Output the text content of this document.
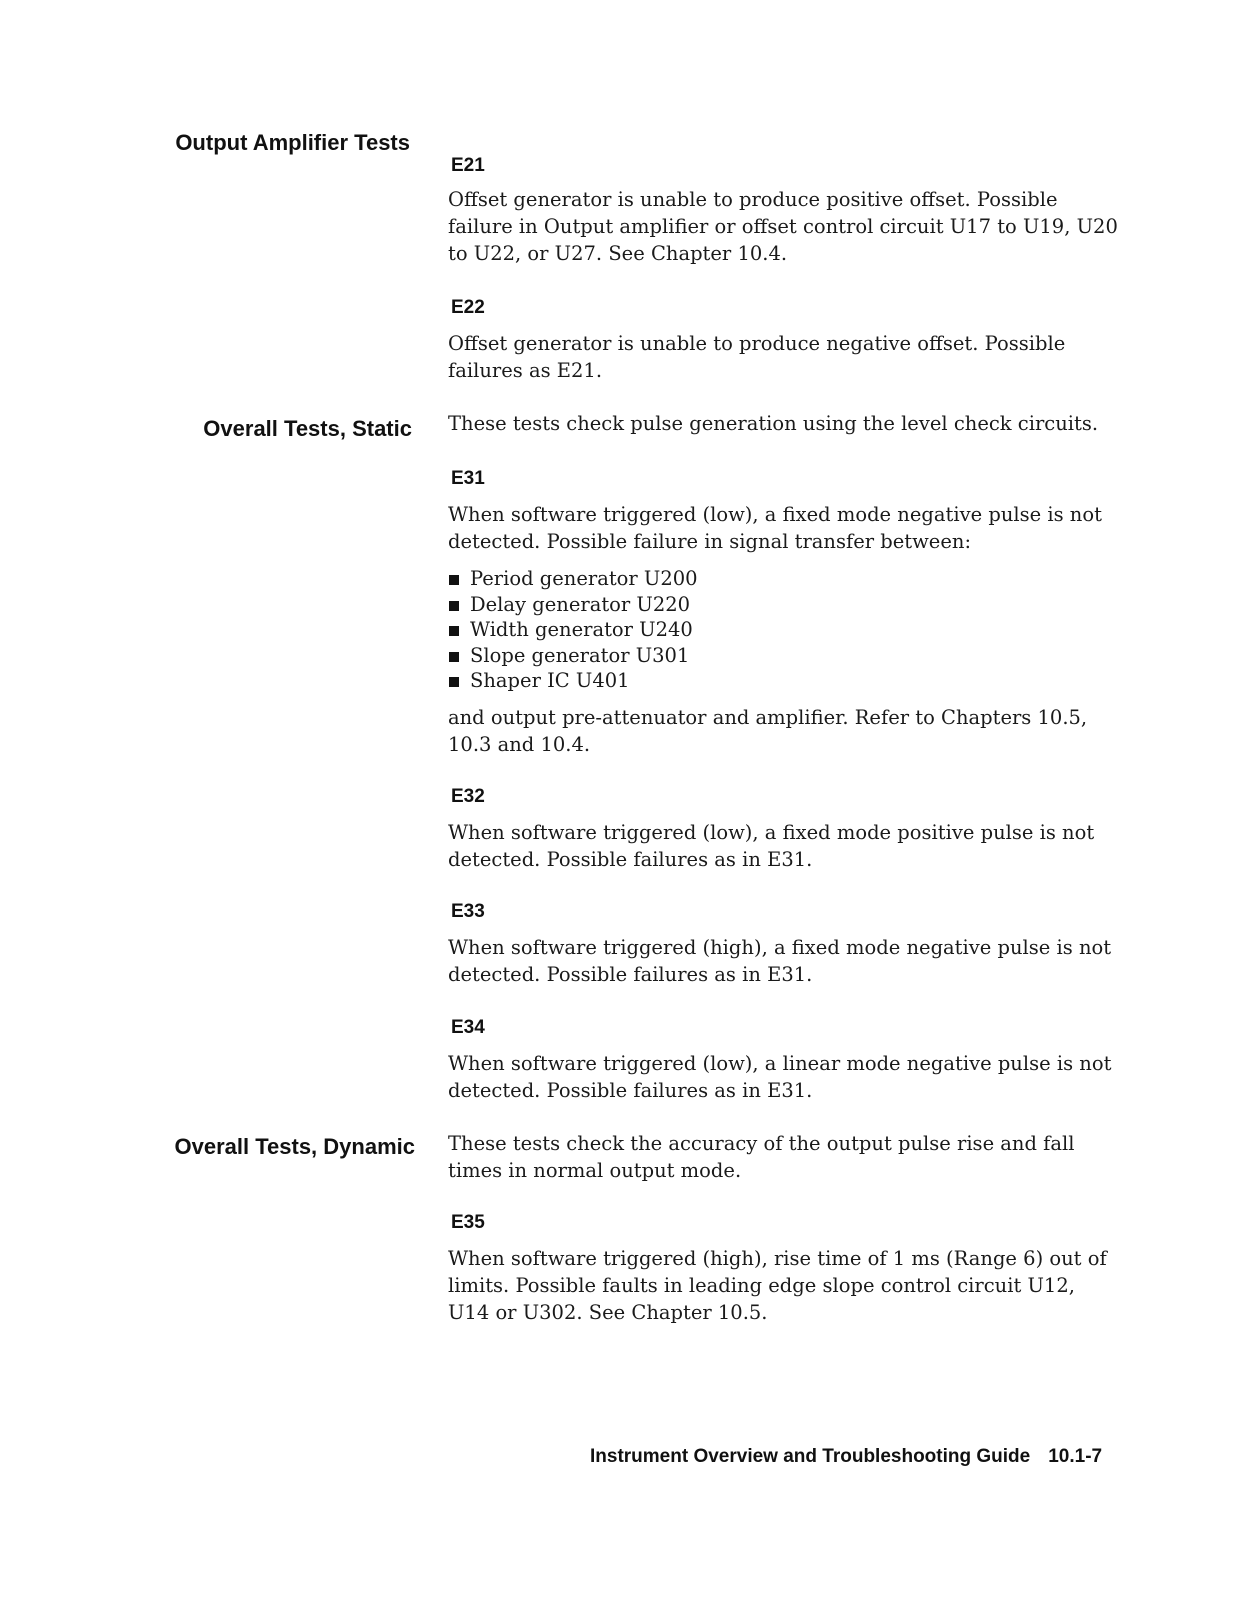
Output Amplifier Tests
E21
Offset generator is unable to produce positive offset. Possible failure in Output amplifier or offset control circuit U17 to U19, U20 to U22, or U27. See Chapter 10.4.
E22
Offset generator is unable to produce negative offset. Possible failures as E21.
Overall Tests, Static These tests check pulse generation using the level check circuits.
E31
When software triggered (low), a fixed mode negative pulse is not detected. Possible failure in signal transfer between:
Period generator U200
Delay generator U220
Width generator U240
Slope generator U301
Shaper IC U401
and output pre-attenuator and amplifier. Refer to Chapters 10.5, 10.3 and 10.4.
E32
When software triggered (low), a fixed mode positive pulse is not detected. Possible failures as in E31.
E33
When software triggered (high), a fixed mode negative pulse is not detected. Possible failures as in E31.
E34
When software triggered (low), a linear mode negative pulse is not detected. Possible failures as in E31.
Overall Tests, Dynamic These tests check the accuracy of the output pulse rise and fall times in normal output mode.
E35
When software triggered (high), rise time of 1 ms (Range 6) out of limits. Possible faults in leading edge slope control circuit U12, U14 or U302. See Chapter 10.5.
Instrument Overview and Troubleshooting Guide 10.1-7
